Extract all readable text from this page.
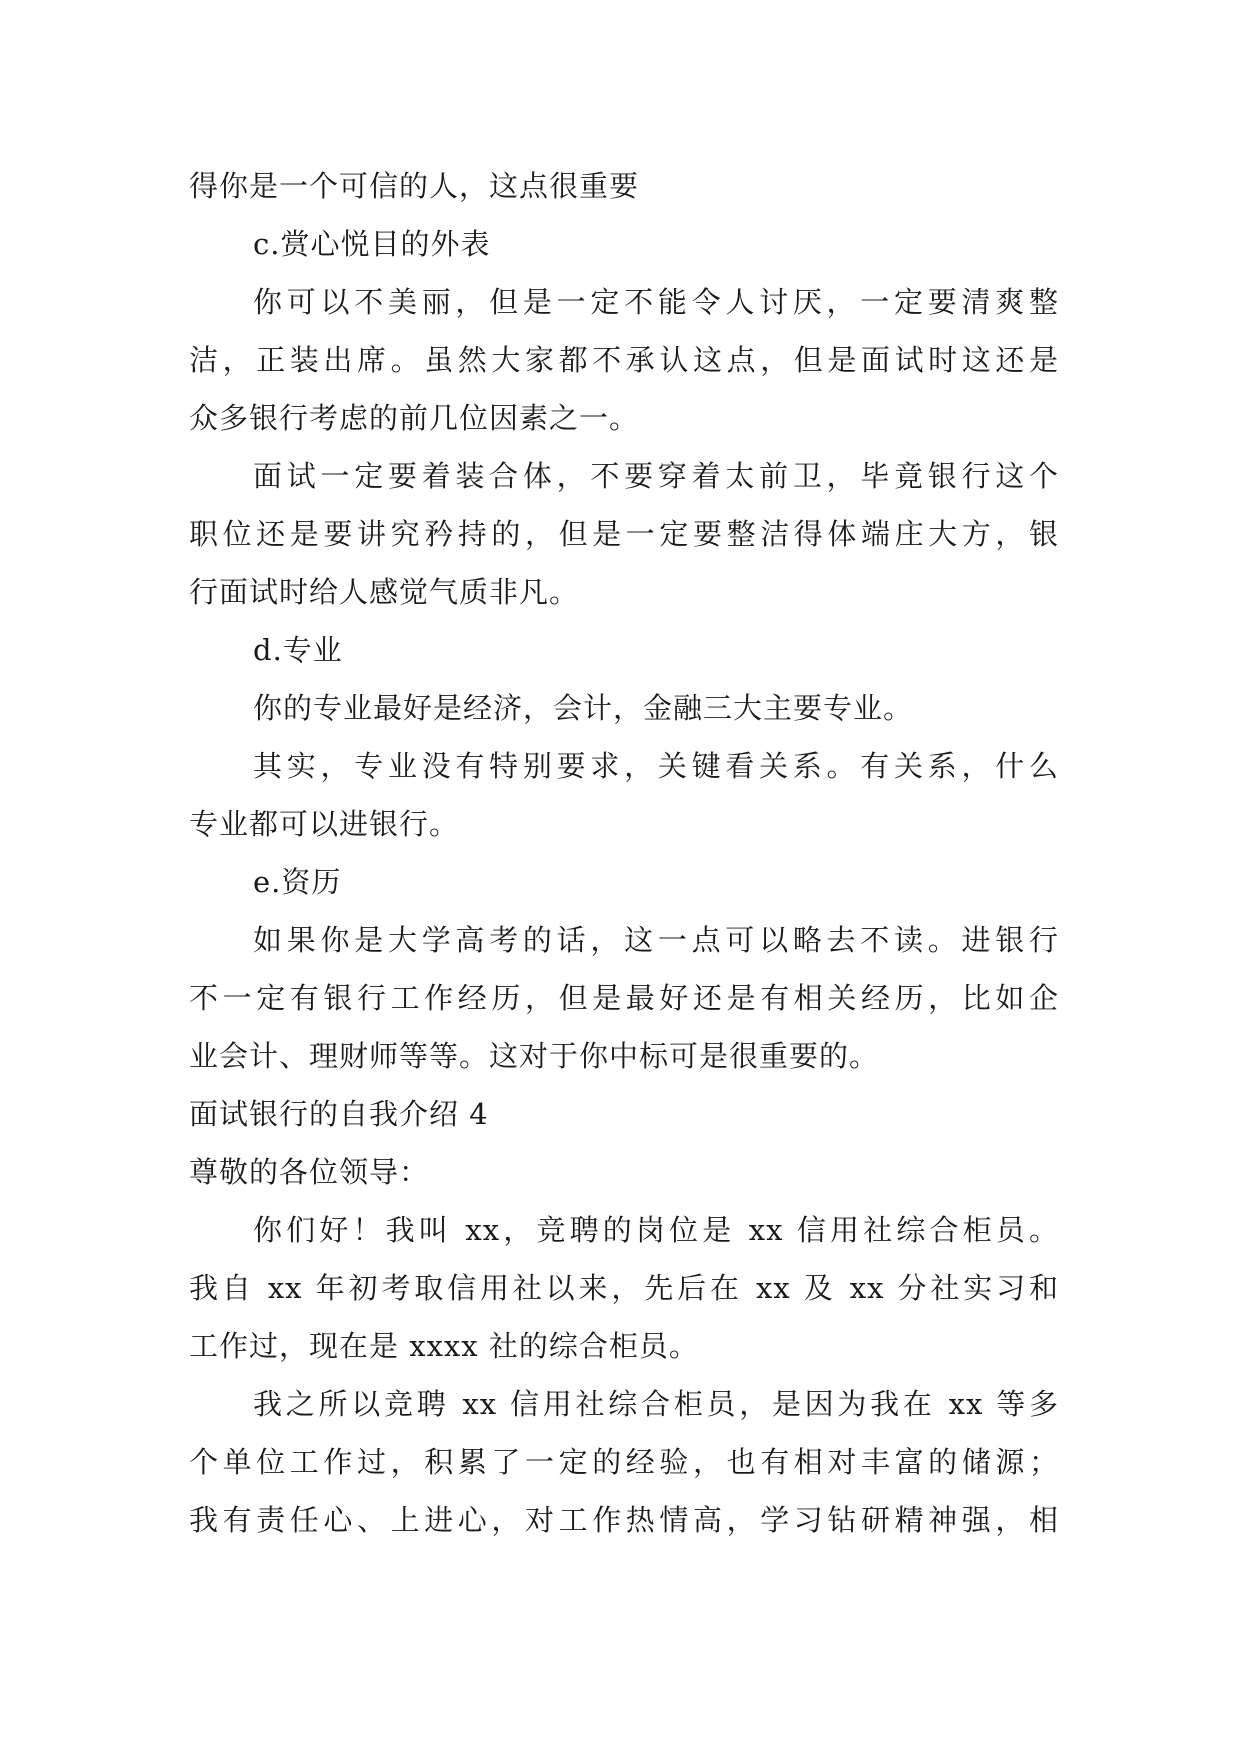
得你是一个可信的人，这点很重要
c.赏心悦目的外表
你可以不美丽，但是一定不能令人讨厌，一定要清爽整
洁，正装出席。虽然大家都不承认这点，但是面试时这还是
众多银行考虑的前几位因素之一。
面试一定要着装合体，不要穿着太前卫，毕竟银行这个
职位还是要讲究矜持的，但是一定要整洁得体端庄大方，银
行面试时给人感觉气质非凡。
d.专业
你的专业最好是经济，会计，金融三大主要专业。
其实，专业没有特别要求，关键看关系。有关系，什么
专业都可以进银行。
e.资历
如果你是大学高考的话，这一点可以略去不读。进银行
不一定有银行工作经历，但是最好还是有相关经历，比如企
业会计、理财师等等。这对于你中标可是很重要的。
面试银行的自我介绍 4
尊敬的各位领导：
你们好！我叫 xx，竞聘的岗位是 xx 信用社综合柜员。
我自 xx 年初考取信用社以来，先后在 xx 及 xx 分社实习和
工作过，现在是 xxxx 社的综合柜员。
我之所以竞聘 xx 信用社综合柜员，是因为我在 xx 等多
个单位工作过，积累了一定的经验，也有相对丰富的储源；
我有责任心、上进心，对工作热情高，学习钻研精神强，相
